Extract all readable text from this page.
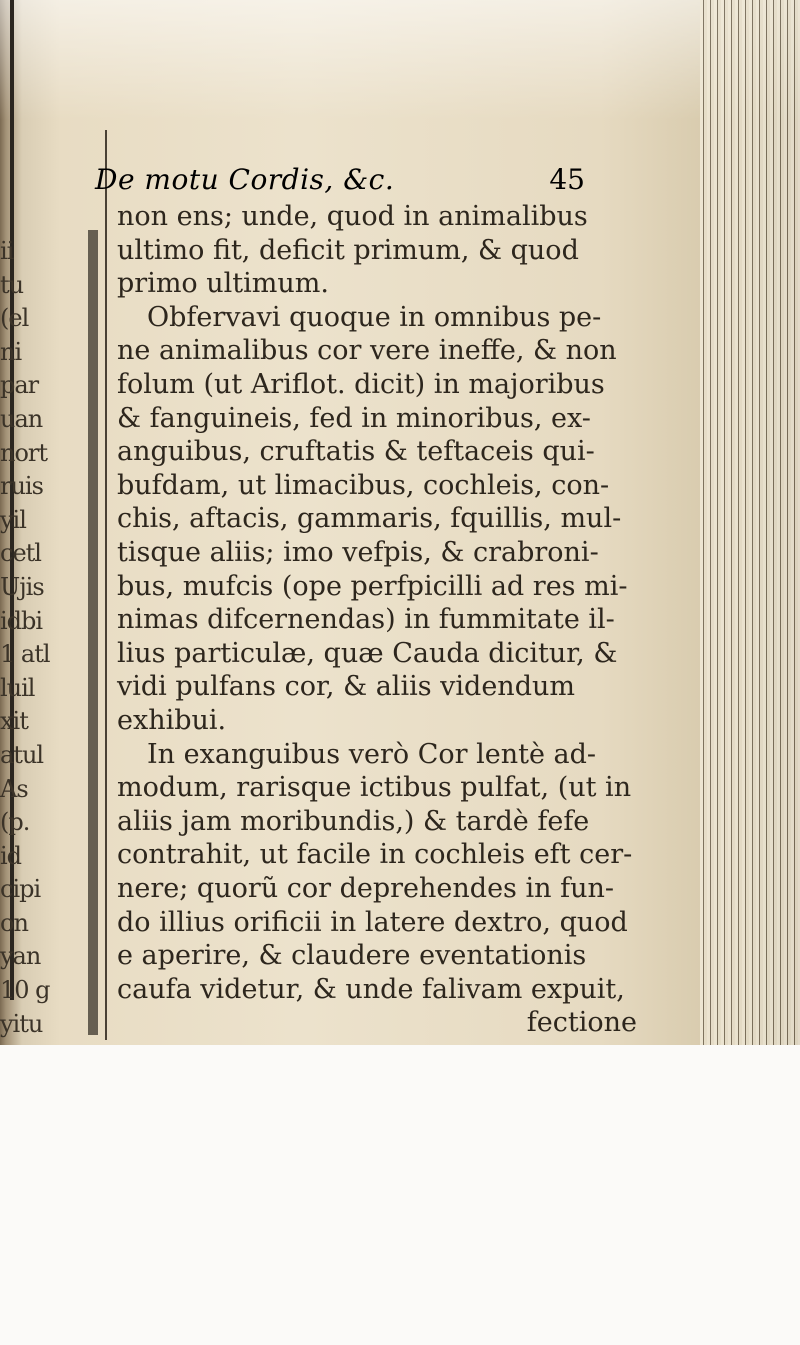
ii
tu
(el
ni
par
uan
nort
ruis
yil
cetl
Ujis
idbi
1 atl
luil
xit
atul
As
(p.
id
cipi
on
yan
10 g
yitu
De motu Cordis, &c.	45
non ens; unde, quod in animalibus
ultimo fit, deficit primum, & quod
primo ultimum.
Obfervavi quoque in omnibus pe-
ne animalibus cor vere ineffe, & non
folum (ut Ariflot. dicit) in majoribus
& fanguineis, fed in minoribus, ex-
anguibus, cruftatis & teftaceis qui-
bufdam, ut limacibus, cochleis, con-
chis, aftacis, gammaris, fquillis, mul-
tisque aliis; imo vefpis, & crabroni-
bus, mufcis (ope perfpicilli ad res mi-
nimas difcernendas) in fummitate il-
lius particulæ, quæ Cauda dicitur, &
vidi pulfans cor, & aliis videndum
exhibui.
In exanguibus verò Cor lentè ad-
modum, rarisque ictibus pulfat, (ut in
aliis jam moribundis,) & tardè fefe
contrahit, ut facile in cochleis eft cer-
nere; quorũ cor deprehendes in fun-
do illius orificii in latere dextro, quod
e aperire, & claudere eventationis
caufa videtur, & unde falivam expuit,
fectione
